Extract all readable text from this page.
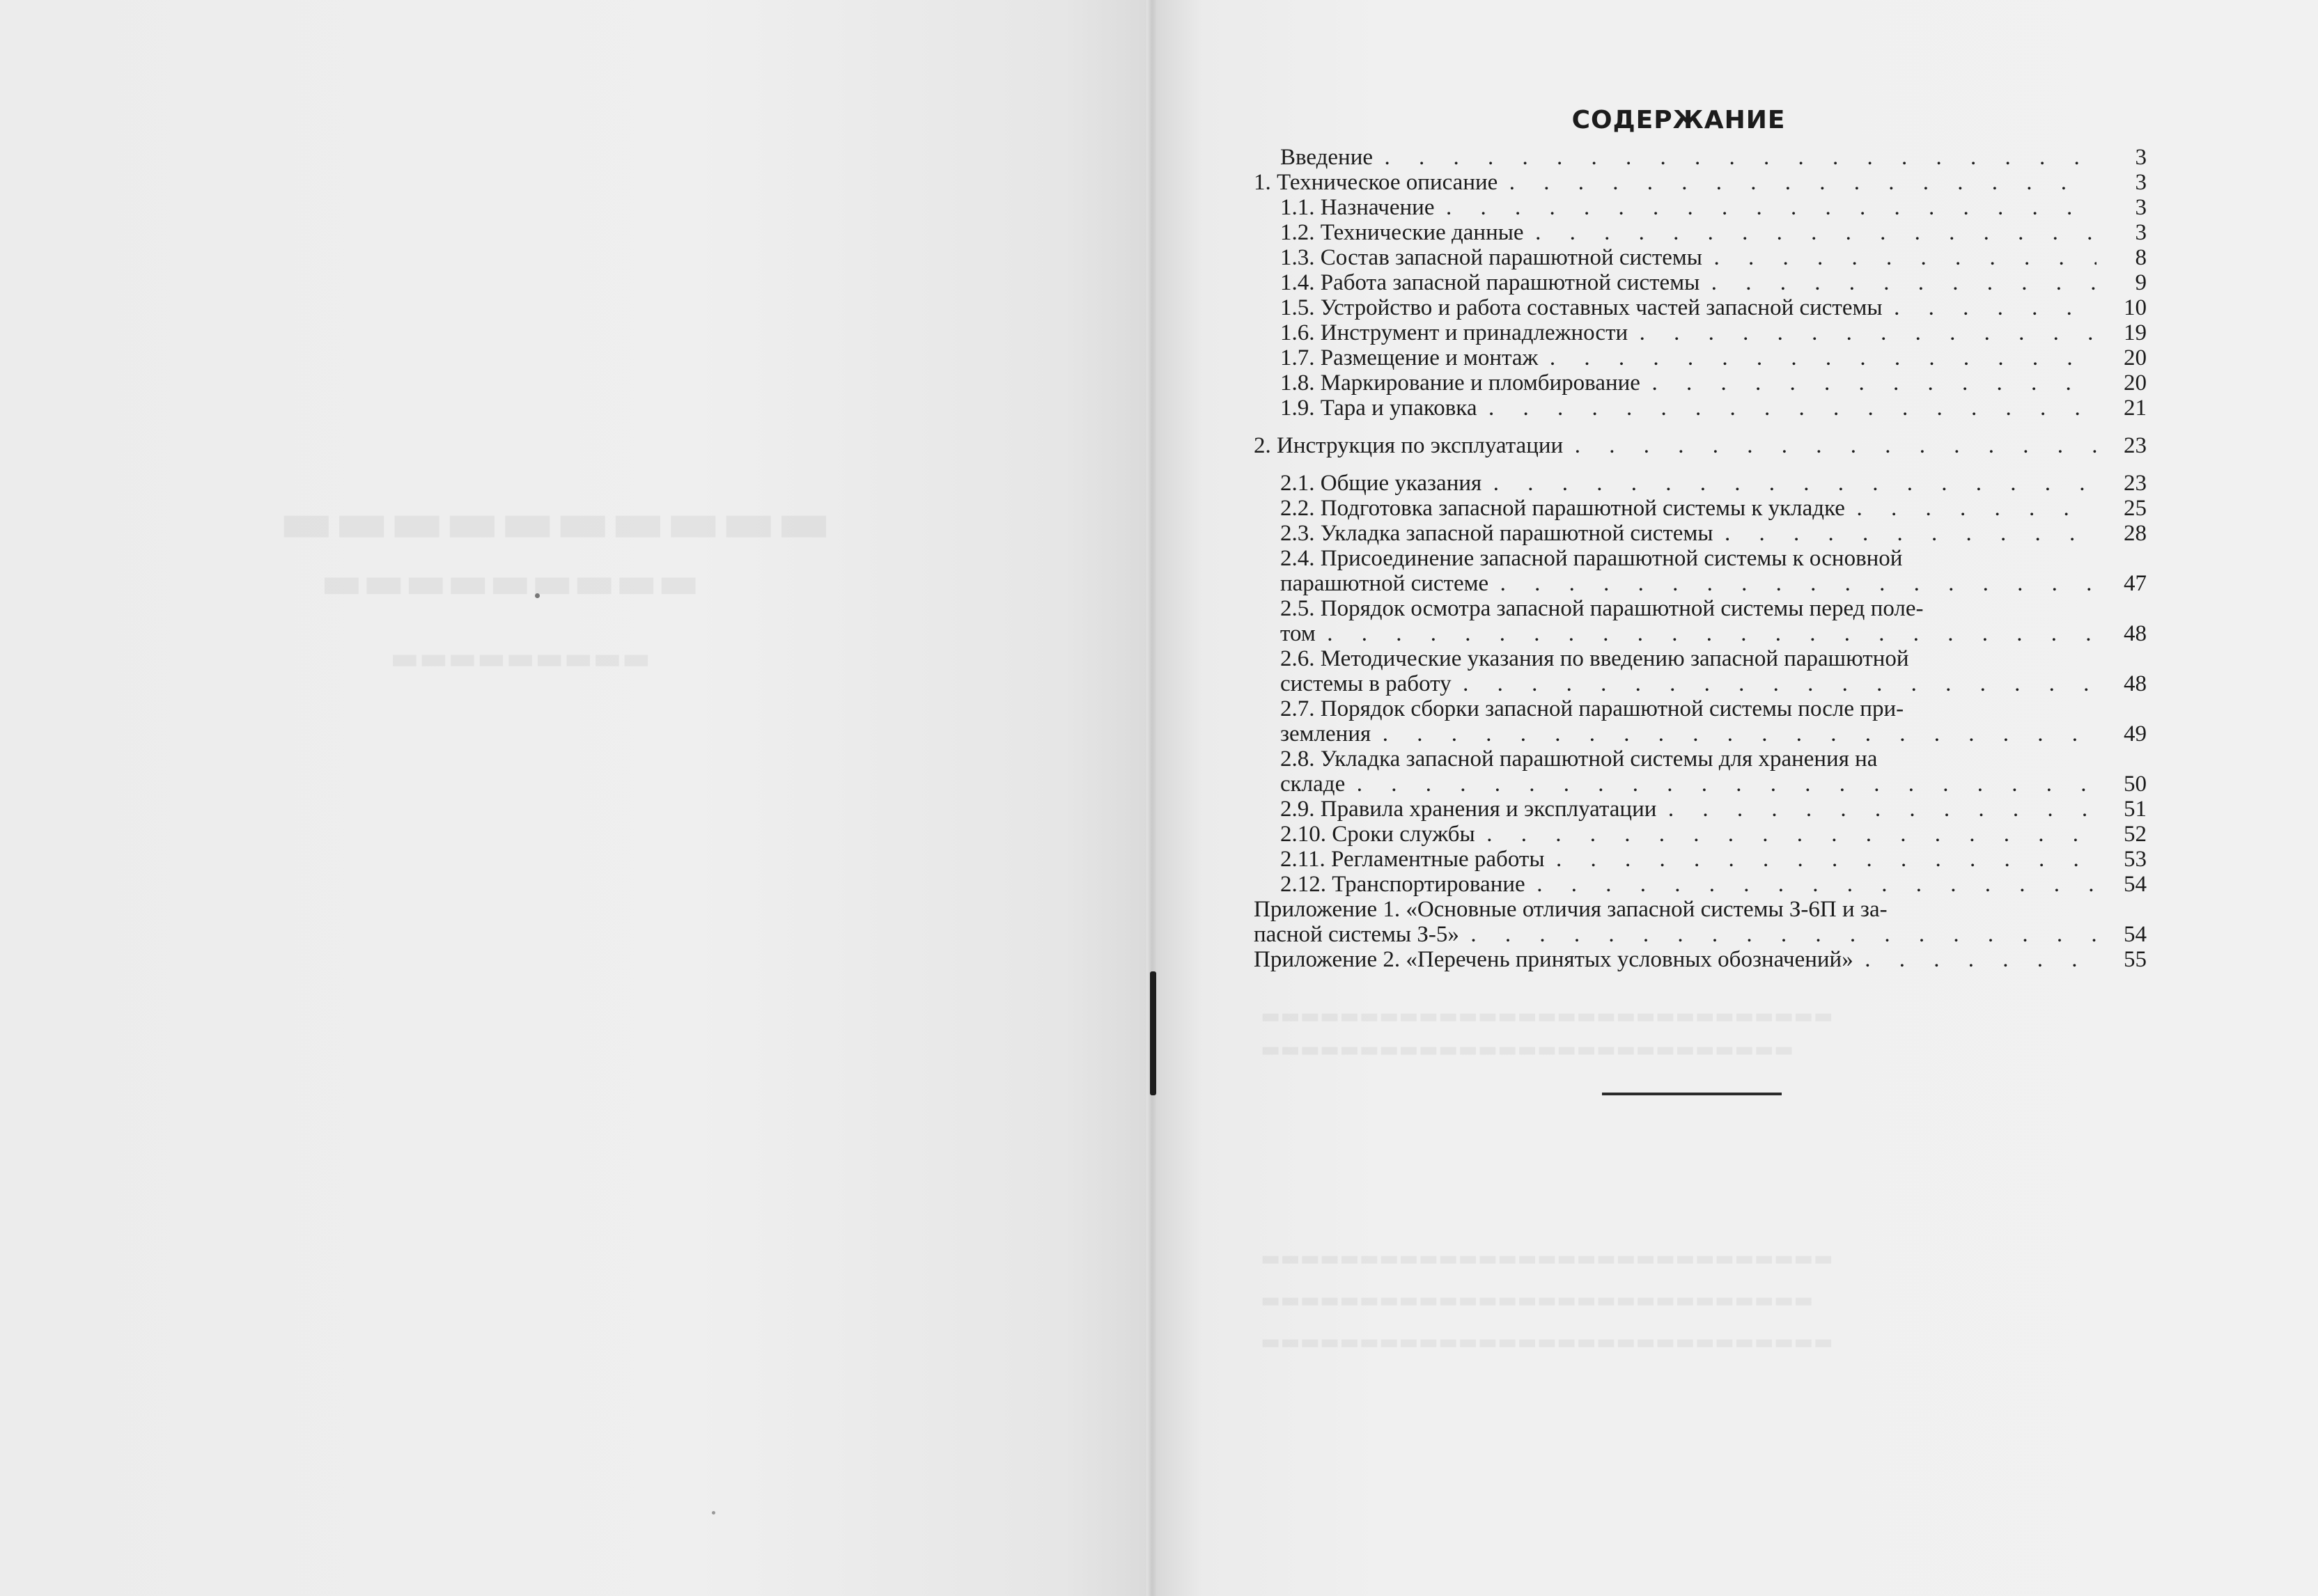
СОДЕРЖАНИЕ
Введение .	3
1. Техническое описание .	3
1.1. Назначение .	3
1.2. Технические данные .	3
1.3. Состав запасной парашютной системы .	8
1.4. Работа запасной парашютной системы .	9
1.5. Устройство и работа составных частей запасной системы .	10
1.6. Инструмент и принадлежности .	19
1.7. Размещение и монтаж .	20
1.8. Маркирование и пломбирование .	20
1.9. Тара и упаковка .	21
2. Инструкция по эксплуатации .	23
2.1. Общие указания .	23
2.2. Подготовка запасной парашютной системы к укладке .	25
2.3. Укладка запасной парашютной системы .	28
2.4. Присоединение запасной парашютной системы к основной
парашютной системе .	47
2.5. Порядок осмотра запасной парашютной системы перед поле-
том .	48
2.6. Методические указания по введению запасной парашютной
системы в работу .	48
2.7. Порядок сборки запасной парашютной системы после при-
земления .	49
2.8. Укладка запасной парашютной системы для хранения на
складе .	50
2.9. Правила хранения и эксплуатации .	51
2.10. Сроки службы .	52
2.11. Регламентные работы .	53
2.12. Транспортирование .	54
Приложение 1. «Основные отличия запасной системы З-6П и за-
пасной системы З-5» .	54
Приложение 2. «Перечень принятых условных обозначений» .	55
